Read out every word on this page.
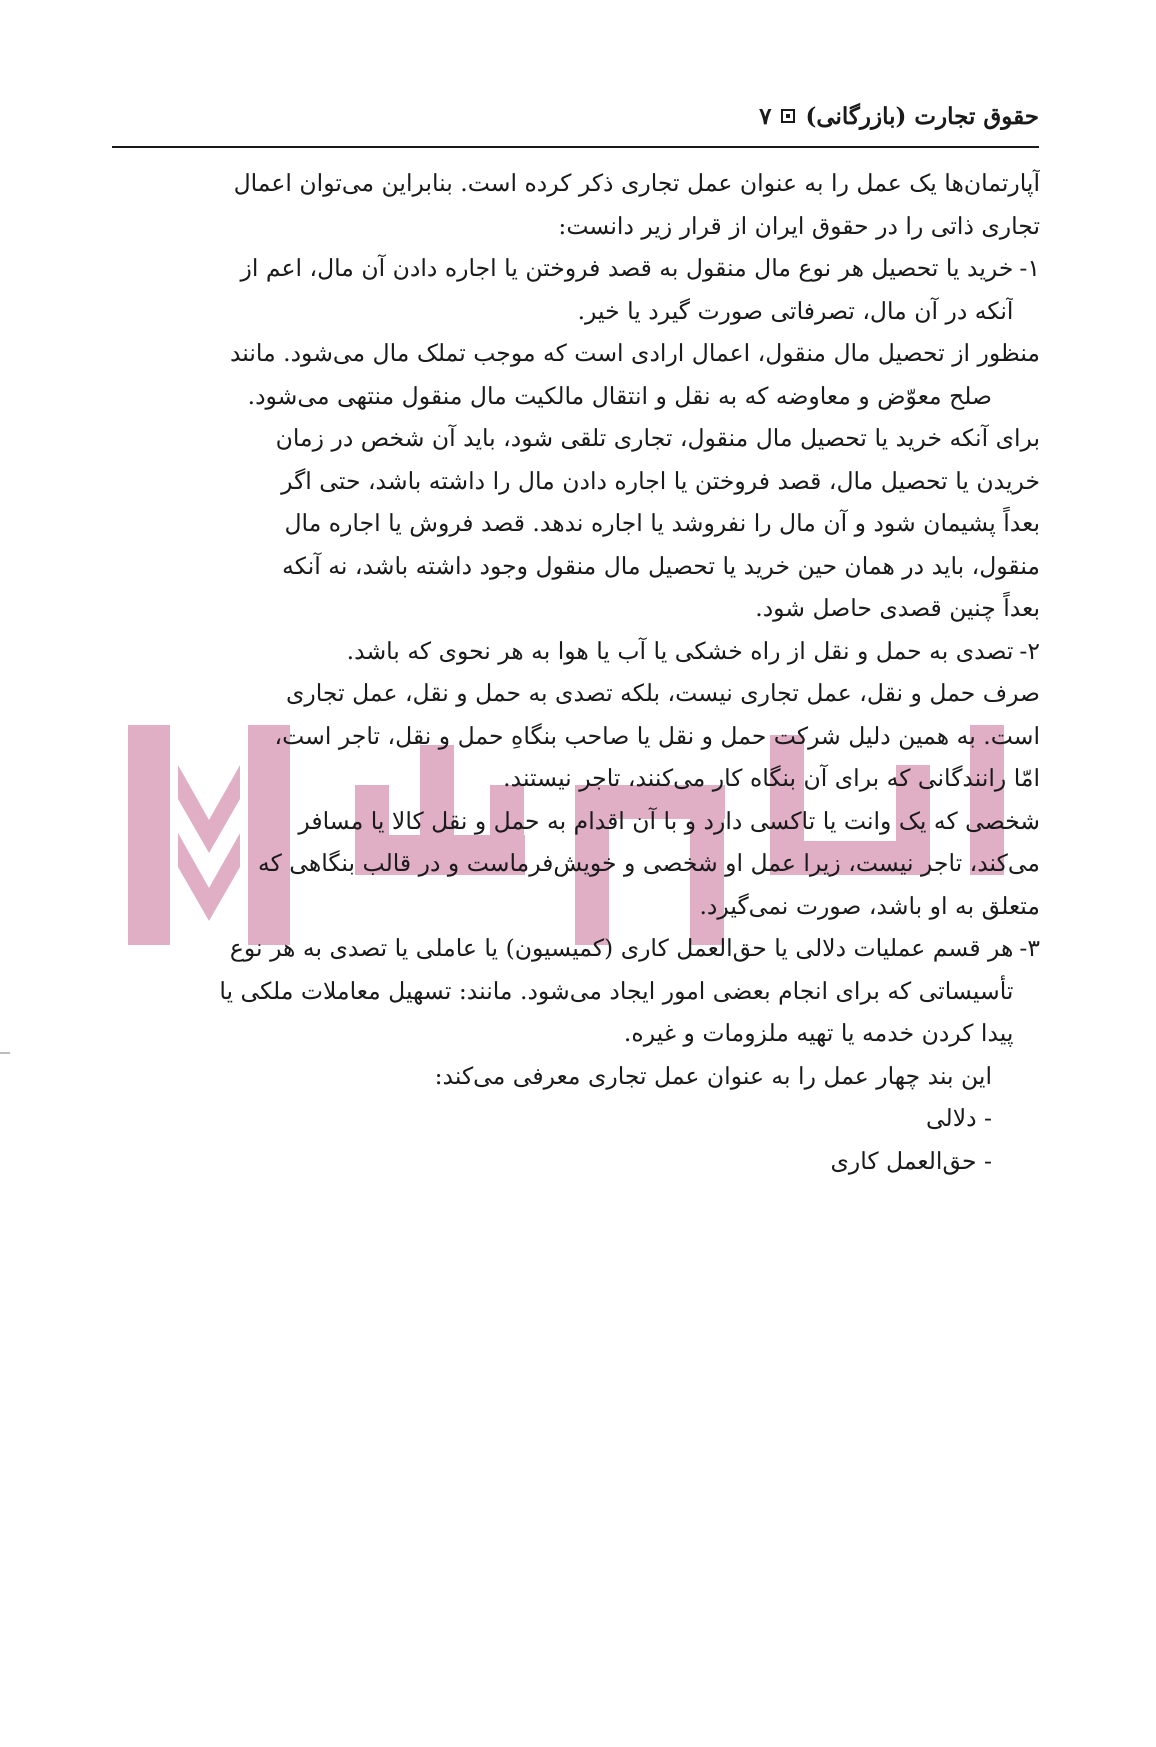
حقوق تجارت (بازرگانی)
۷
آپارتمان‌ها یک عمل را به عنوان عمل تجاری ذکر کرده است. بنابراین می‌توان اعمال
تجاری ذاتی را در حقوق ایران از قرار زیر دانست:
۱-
خرید یا تحصیل هر نوع مال منقول به قصد فروختن یا اجاره دادن آن مال، اعم از
آنکه در آن مال، تصرفاتی صورت گیرد یا خیر.
منظور از تحصیل مال منقول، اعمال ارادی است که موجب تملک مال می‌شود. مانند
صلح معوّض و معاوضه که به نقل و انتقال مالکیت مال منقول منتهی می‌شود.
برای آنکه خرید یا تحصیل مال منقول، تجاری تلقی شود، باید آن شخص در زمان
خریدن یا تحصیل مال، قصد فروختن یا اجاره دادن مال را داشته باشد، حتی اگر
بعداً پشیمان شود و آن مال را نفروشد یا اجاره ندهد. قصد فروش یا اجاره مال
منقول، باید در همان حین خرید یا تحصیل مال منقول وجود داشته باشد، نه آنکه
بعداً چنین قصدی حاصل شود.
۲-
تصدی به حمل و نقل از راه خشکی یا آب یا هوا به هر نحوی که باشد.
صرف حمل و نقل، عمل تجاری نیست، بلکه تصدی به حمل و نقل، عمل تجاری
است. به همین دلیل شرکت حمل و نقل یا صاحب بنگاهِ حمل و نقل، تاجر است،
امّا رانندگانی که برای آن بنگاه کار می‌کنند، تاجر نیستند.
شخصی که یک وانت یا تاکسی دارد و با آن اقدام به حمل و نقل کالا یا مسافر
می‌کند، تاجر نیست، زیرا عمل او شخصی و خویش‌فرماست و در قالب بنگاهی که
متعلق به او باشد، صورت نمی‌گیرد.
۳-
هر قسم عملیات دلالی یا حق‌العمل کاری (کمیسیون) یا عاملی یا تصدی به هر نوع
تأسیساتی که برای انجام بعضی امور ایجاد می‌شود. مانند: تسهیل معاملات ملکی یا
پیدا کردن خدمه یا تهیه ملزومات و غیره.
این بند چهار عمل را به عنوان عمل تجاری معرفی می‌کند:
- دلالی
- حق‌العمل کاری
